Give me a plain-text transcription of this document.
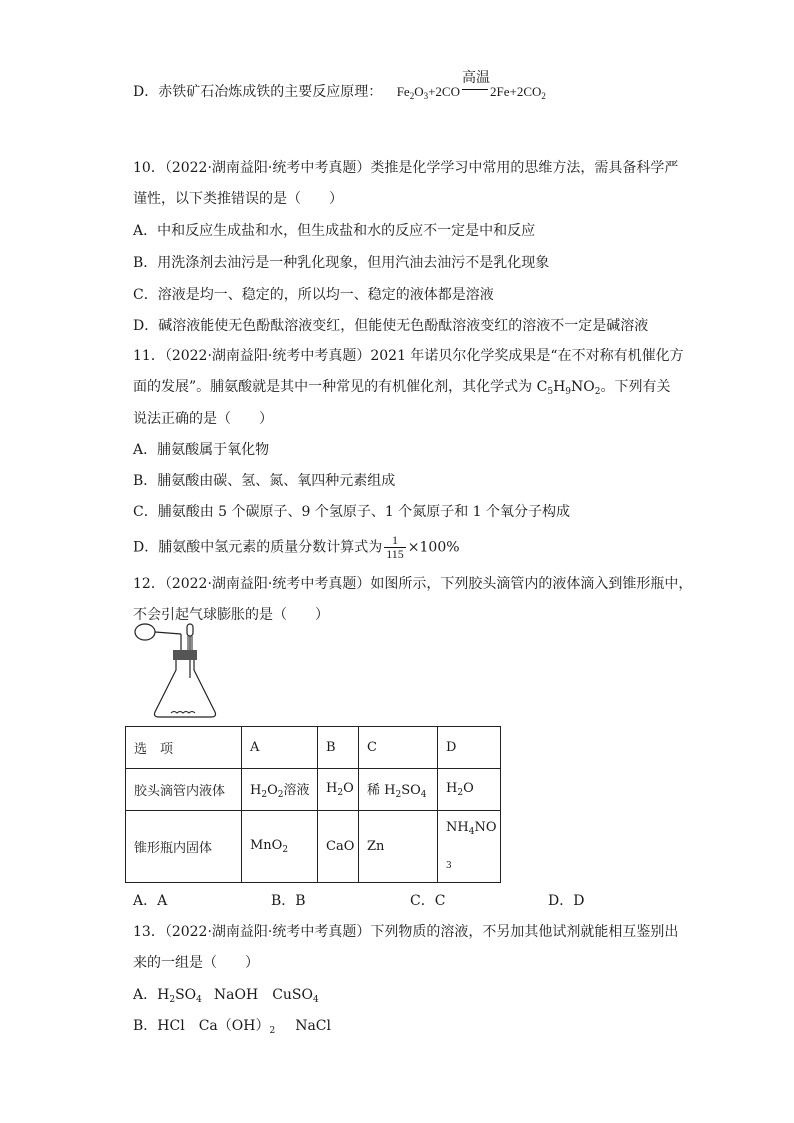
D．赤铁矿石冶炼成铁的主要反应原理： $Fe_2O_3+2CO$
高温
$2Fe+2CO_2$
10．（2022·湖南益阳·统考中考真题）类推是化学学习中常用的思维方法，需具备科学严
谨性，以下类推错误的是（　　）
A．中和反应生成盐和水，但生成盐和水的反应不一定是中和反应
B．用洗涤剂去油污是一种乳化现象，但用汽油去油污不是乳化现象
C．溶液是均一、稳定的，所以均一、稳定的液体都是溶液
D．碱溶液能使无色酚酞溶液变红，但能使无色酚酞溶液变红的溶液不一定是碱溶液
11．（2022·湖南益阳·统考中考真题）2021 年诺贝尔化学奖成果是“在不对称有机催化方
面的发展”。脯氨酸就是其中一种常见的有机催化剂，其化学式为 $C_5H_9NO_2$。下列有关
说法正确的是（　　）
A．脯氨酸属于氧化物
B．脯氨酸由碳、氢、氮、氧四种元素组成
C．脯氨酸由 5 个碳原子、9 个氢原子、1 个氮原子和 1 个氧分子构成
D．脯氨酸中氢元素的质量分数计算式为 $\frac{1}{115} \times 100\%$
12．（2022·湖南益阳·统考中考真题）如图所示，下列胶头滴管内的液体滴入到锥形瓶中，
不会引起气球膨胀的是（　　）
选　项	A	B	C	D
胶头滴管内液体	$H_2O_2$溶液	$H_2O$	稀 $H_2SO_4$	$H_2O$
锥形瓶内固体	MnO$_2$	CaO	Zn	$NH_4NO$
$_3$
A．A	B．B	C．C	D．D
13．（2022·湖南益阳·统考中考真题）下列物质的溶液，不另加其他试剂就能相互鉴别出
来的一组是（　　）
A．$H_2SO_4$ NaOH CuSO$_4$
B．HCl $Ca(OH)_2$ NaCl
